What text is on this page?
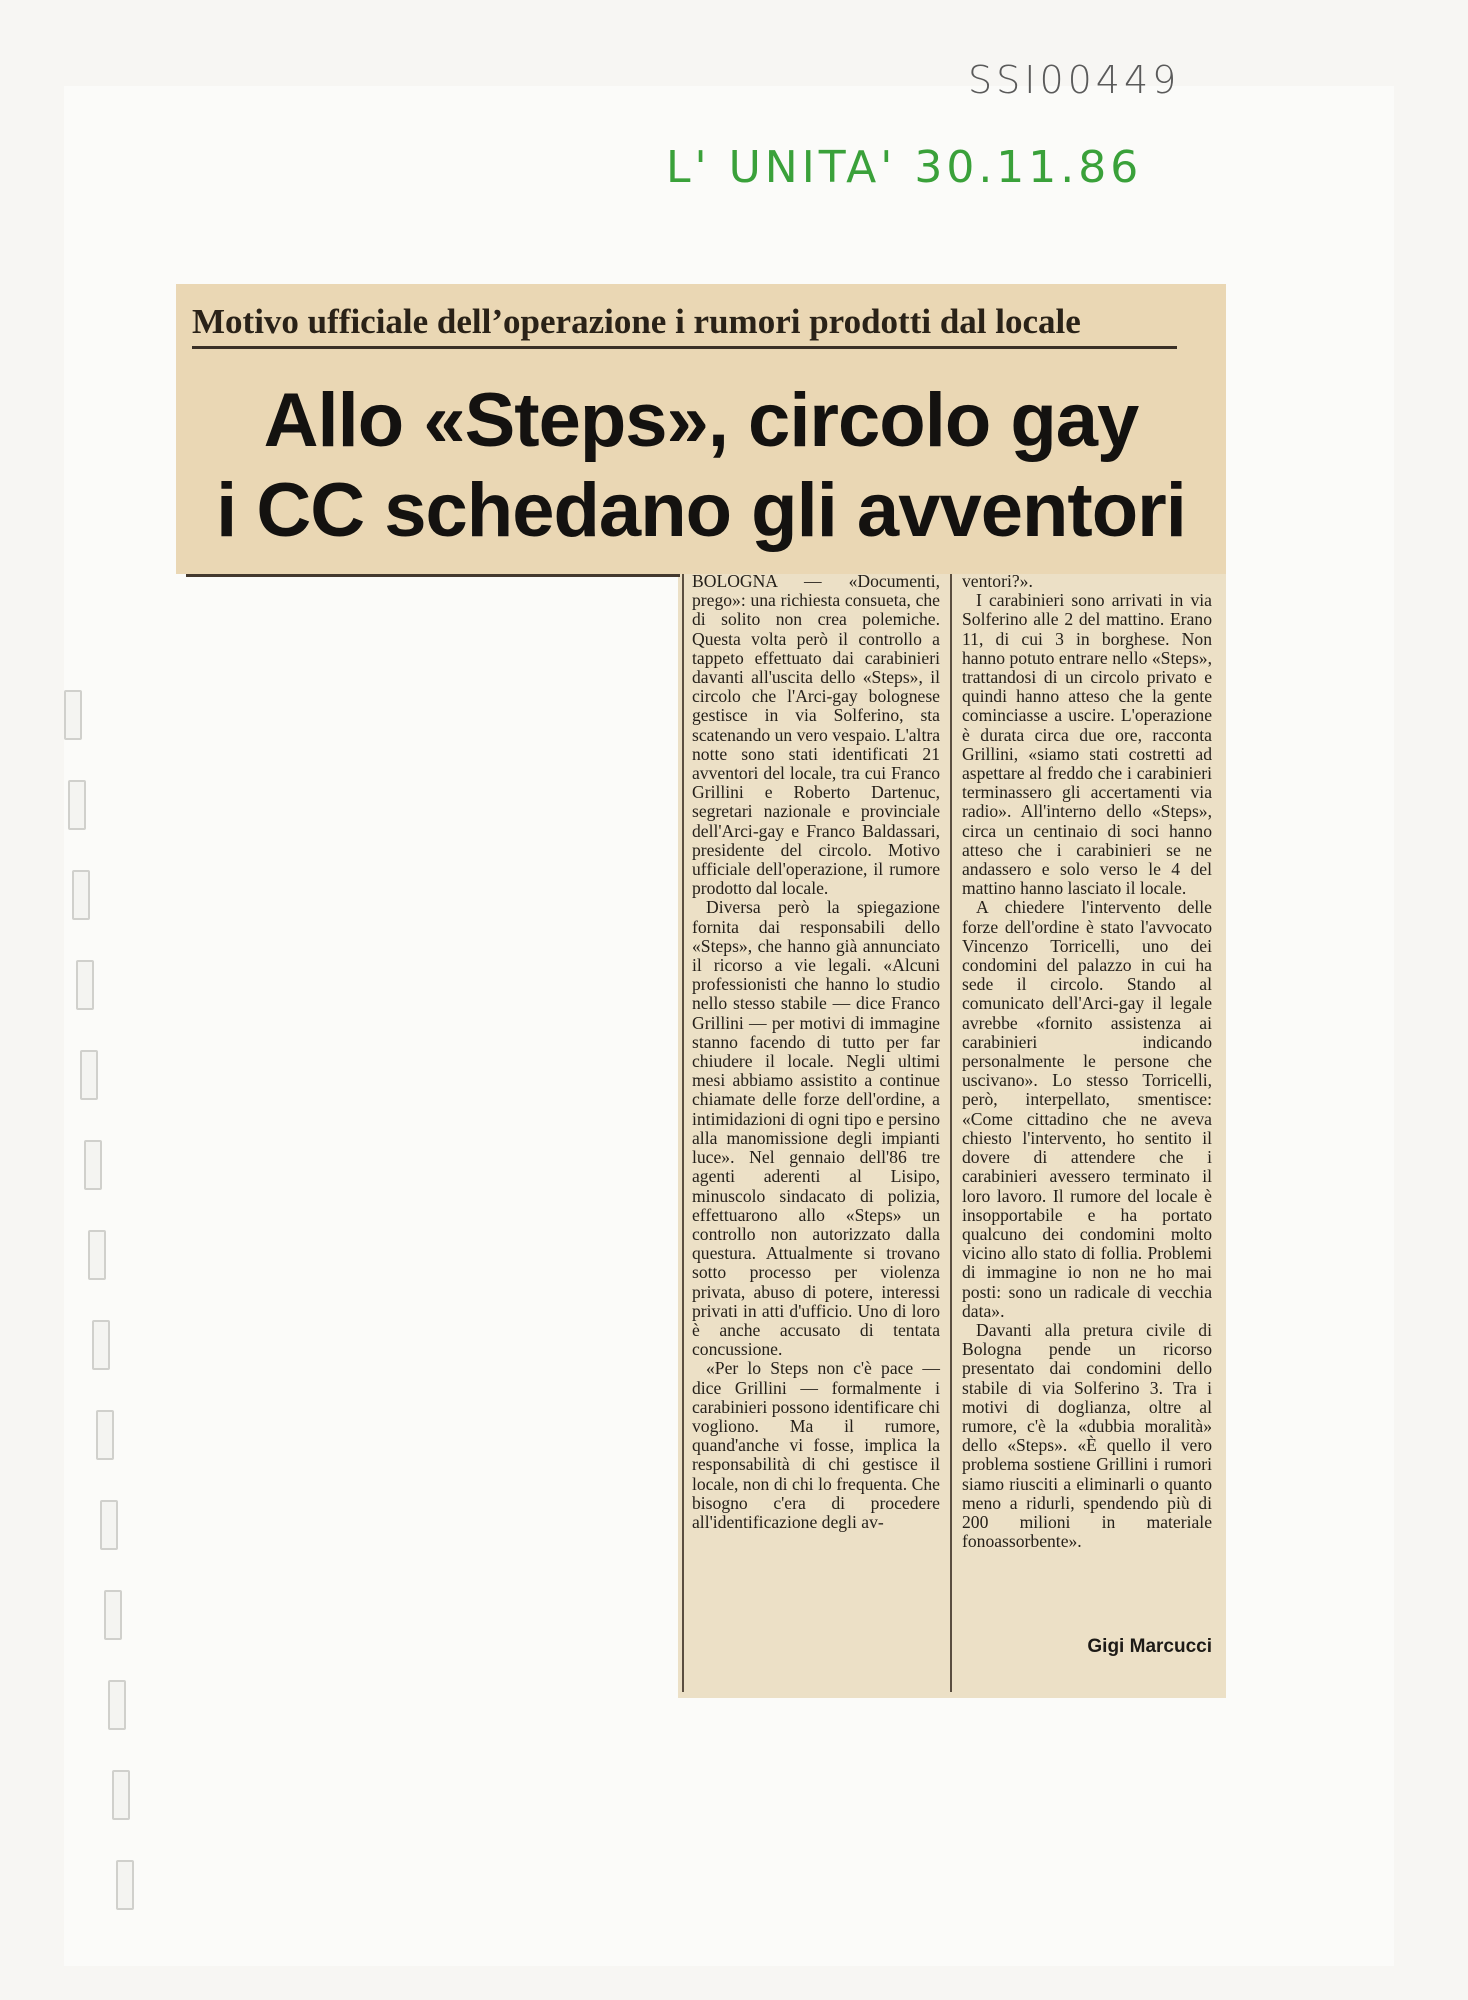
SSI00449
L' UNITA' 30.11.86
Motivo ufficiale dell’operazione i rumori prodotti dal locale
Allo «Steps», circolo gay
i CC schedano gli avventori

BOLOGNA — «Documenti, prego»: una richiesta consueta, che di solito non crea polemiche. Questa volta però il controllo a tappeto effettuato dai carabinieri davanti all'uscita dello «Steps», il circolo che l'Arci-gay bolognese gestisce in via Solferino, sta scatenando un vero vespaio. L'altra notte sono stati identificati 21 avventori del locale, tra cui Franco Grillini e Roberto Dartenuc, segretari nazionale e provinciale dell'Arci-gay e Franco Baldassari, presidente del circolo. Motivo ufficiale dell'operazione, il rumore prodotto dal locale.

Diversa però la spiegazione fornita dai responsabili dello «Steps», che hanno già annunciato il ricorso a vie legali. «Alcuni professionisti che hanno lo studio nello stesso stabile — dice Franco Grillini — per motivi di immagine stanno facendo di tutto per far chiudere il locale. Negli ultimi mesi abbiamo assistito a continue chiamate delle forze dell'ordine, a intimidazioni di ogni tipo e persino alla manomissione degli impianti luce». Nel gennaio dell'86 tre agenti aderenti al Lisipo, minuscolo sindacato di polizia, effettuarono allo «Steps» un controllo non autorizzato dalla questura. Attualmente si trovano sotto processo per violenza privata, abuso di potere, interessi privati in atti d'ufficio. Uno di loro è anche accusato di tentata concussione.

«Per lo Steps non c'è pace — dice Grillini — formalmente i carabinieri possono identificare chi vogliono. Ma il rumore, quand'anche vi fosse, implica la responsabilità di chi gestisce il locale, non di chi lo frequenta. Che bisogno c'era di procedere all'identificazione degli av-

ventori?».

I carabinieri sono arrivati in via Solferino alle 2 del mattino. Erano 11, di cui 3 in borghese. Non hanno potuto entrare nello «Steps», trattandosi di un circolo privato e quindi hanno atteso che la gente cominciasse a uscire. L'operazione è durata circa due ore, racconta Grillini, «siamo stati costretti ad aspettare al freddo che i carabinieri terminassero gli accertamenti via radio». All'interno dello «Steps», circa un centinaio di soci hanno atteso che i carabinieri se ne andassero e solo verso le 4 del mattino hanno lasciato il locale.

A chiedere l'intervento delle forze dell'ordine è stato l'avvocato Vincenzo Torricelli, uno dei condomini del palazzo in cui ha sede il circolo. Stando al comunicato dell'Arci-gay il legale avrebbe «fornito assistenza ai carabinieri indicando personalmente le persone che uscivano». Lo stesso Torricelli, però, interpellato, smentisce: «Come cittadino che ne aveva chiesto l'intervento, ho sentito il dovere di attendere che i carabinieri avessero terminato il loro lavoro. Il rumore del locale è insopportabile e ha portato qualcuno dei condomini molto vicino allo stato di follia. Problemi di immagine io non ne ho mai posti: sono un radicale di vecchia data».

Davanti alla pretura civile di Bologna pende un ricorso presentato dai condomini dello stabile di via Solferino 3. Tra i motivi di doglianza, oltre al rumore, c'è la «dubbia moralità» dello «Steps». «È quello il vero problema sostiene Grillini i rumori siamo riusciti a eliminarli o quanto meno a ridurli, spendendo più di 200 milioni in materiale fonoassorbente».

Gigi Marcucci
